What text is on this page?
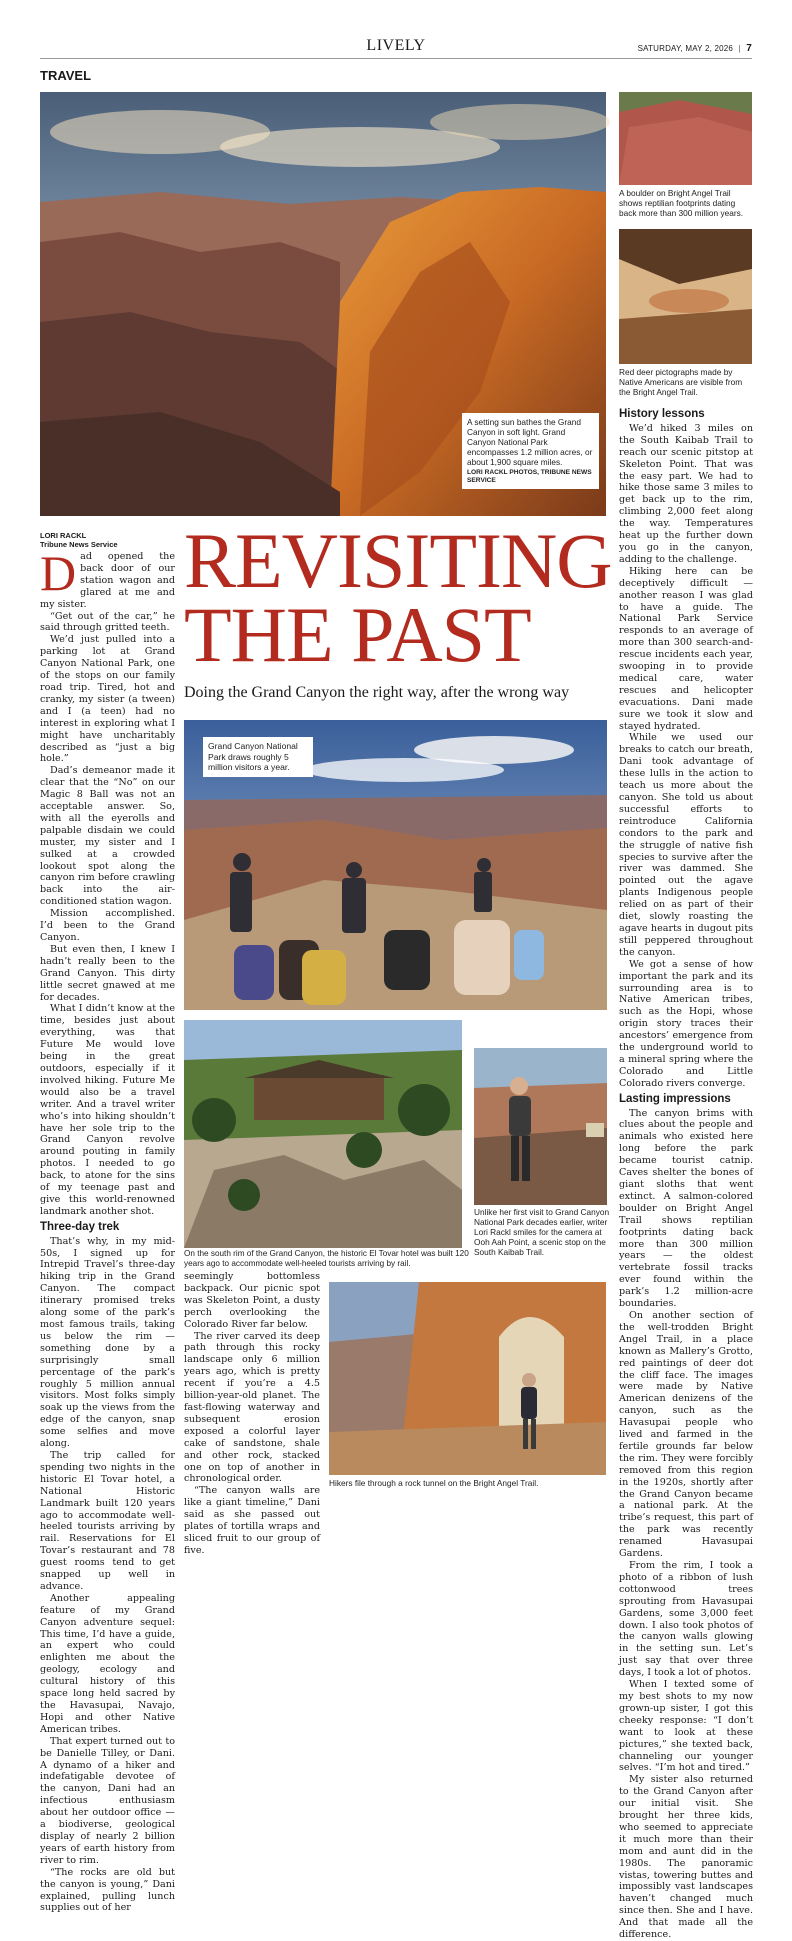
LIVELY	SATURDAY, MAY 2, 2026 | 7
TRAVEL
A setting sun bathes the Grand Canyon in soft light. Grand Canyon National Park encompasses 1.2 million acres, or about 1,900 square miles.
LORI RACKL PHOTOS, TRIBUNE NEWS SERVICE
A boulder on Bright Angel Trail shows reptilian footprints dating back more than 300 million years.
Red deer pictographs made by Native Americans are visible from the Bright Angel Trail.
LORI RACKL
Tribune News Service REVISITING
THE PAST
Doing the Grand Canyon the right way, after the wrong way
D ad opened the back door of our station wagon and glared at me and my sister.

“Get out of the car,” he said through gritted teeth.

We’d just pulled into a parking lot at Grand Canyon National Park, one of the stops on our family road trip. Tired, hot and cranky, my sister (a tween) and I (a teen) had no interest in exploring what I might have uncharitably described as “just a big hole.”

Dad’s demeanor made it clear that the “No” on our Magic 8 Ball was not an acceptable answer. So, with all the eyerolls and palpable disdain we could muster, my sister and I sulked at a crowded lookout spot along the canyon rim before crawling back into the air-conditioned station wagon.

Mission accomplished. I’d been to the Grand Canyon.

But even then, I knew I hadn’t really been to the Grand Canyon. This dirty little secret gnawed at me for decades.

What I didn’t know at the time, besides just about everything, was that Future Me would love being in the great outdoors, especially if it involved hiking. Future Me would also be a travel writer. And a travel writer who’s into hiking shouldn’t have her sole trip to the Grand Canyon revolve around pouting in family photos. I needed to go back, to atone for the sins of my teenage past and give this world-renowned landmark another shot.

Three-day trek

That’s why, in my mid-50s, I signed up for Intrepid Travel’s three-day hiking trip in the Grand Canyon. The compact itinerary promised treks along some of the park’s most famous trails, taking us below the rim — something done by a surprisingly small percentage of the park’s roughly 5 million annual visitors. Most folks simply soak up the views from the edge of the canyon, snap some selfies and move along.

The trip called for spending two nights in the historic El Tovar hotel, a National Historic Landmark built 120 years ago to accommodate well-heeled tourists arriving by rail. Reservations for El Tovar’s restaurant and 78 guest rooms tend to get snapped up well in advance.

Another appealing feature of my Grand Canyon adventure sequel: This time, I’d have a guide, an expert who could enlighten me about the geology, ecology and cultural history of this space long held sacred by the Havasupai, Navajo, Hopi and other Native American tribes.

That expert turned out to be Danielle Tilley, or Dani. A dynamo of a hiker and indefatigable devotee of the canyon, Dani had an infectious enthusiasm about her outdoor office — a biodiverse, geological display of nearly 2 billion years of earth history from river to rim.

“The rocks are old but the canyon is young,” Dani explained, pulling lunch supplies out of her

Grand Canyon National Park draws roughly 5 million visitors a year.
On the south rim of the Grand Canyon, the historic El Tovar hotel was built 120 years ago to accommodate well-heeled tourists arriving by rail.
Unlike her first visit to Grand Canyon National Park decades earlier, writer Lori Rackl smiles for the camera at Ooh Aah Point, a scenic stop on the South Kaibab Trail.

seemingly bottomless backpack. Our picnic spot was Skeleton Point, a dusty perch overlooking the Colorado River far below.

The river carved its deep path through this rocky landscape only 6 million years ago, which is pretty recent if you’re a 4.5 billion-year-old planet. The fast-flowing waterway and subsequent erosion exposed a colorful layer cake of sandstone, shale and other rock, stacked one on top of another in chronological order.

“The canyon walls are like a giant timeline,” Dani said as she passed out plates of tortilla wraps and sliced fruit to our group of five.

Hikers file through a rock tunnel on the Bright Angel Trail.
History lessons

We’d hiked 3 miles on the South Kaibab Trail to reach our scenic pitstop at Skeleton Point. That was the easy part. We had to hike those same 3 miles to get back up to the rim, climbing 2,000 feet along the way. Temperatures heat up the further down you go in the canyon, adding to the challenge.

Hiking here can be deceptively difficult — another reason I was glad to have a guide. The National Park Service responds to an average of more than 300 search-and-rescue incidents each year, swooping in to provide medical care, water rescues and helicopter evacuations. Dani made sure we took it slow and stayed hydrated.

While we used our breaks to catch our breath, Dani took advantage of these lulls in the action to teach us more about the canyon. She told us about successful efforts to reintroduce California condors to the park and the struggle of native fish species to survive after the river was dammed. She pointed out the agave plants Indigenous people relied on as part of their diet, slowly roasting the agave hearts in dugout pits still peppered throughout the canyon.

We got a sense of how important the park and its surrounding area is to Native American tribes, such as the Hopi, whose origin story traces their ancestors’ emergence from the underground world to a mineral spring where the Colorado and Little Colorado rivers converge.

Lasting impressions

The canyon brims with clues about the people and animals who existed here long before the park became tourist catnip. Caves shelter the bones of giant sloths that went extinct. A salmon-colored boulder on Bright Angel Trail shows reptilian footprints dating back more than 300 million years — the oldest vertebrate fossil tracks ever found within the park’s 1.2 million-acre boundaries.

On another section of the well-trodden Bright Angel Trail, in a place known as Mallery’s Grotto, red paintings of deer dot the cliff face. The images were made by Native American denizens of the canyon, such as the Havasupai people who lived and farmed in the fertile grounds far below the rim. They were forcibly removed from this region in the 1920s, shortly after the Grand Canyon became a national park. At the tribe’s request, this part of the park was recently renamed Havasupai Gardens.

From the rim, I took a photo of a ribbon of lush cottonwood trees sprouting from Havasupai Gardens, some 3,000 feet down. I also took photos of the canyon walls glowing in the setting sun. Let’s just say that over three days, I took a lot of photos.

When I texted some of my best shots to my now grown-up sister, I got this cheeky response: “I don’t want to look at these pictures,” she texted back, channeling our younger selves. “I’m hot and tired.”

My sister also returned to the Grand Canyon after our initial visit. She brought her three kids, who seemed to appreciate it much more than their mom and aunt did in the 1980s. The panoramic vistas, towering buttes and impossibly vast landscapes haven’t changed much since then. She and I have. And that made all the difference.
